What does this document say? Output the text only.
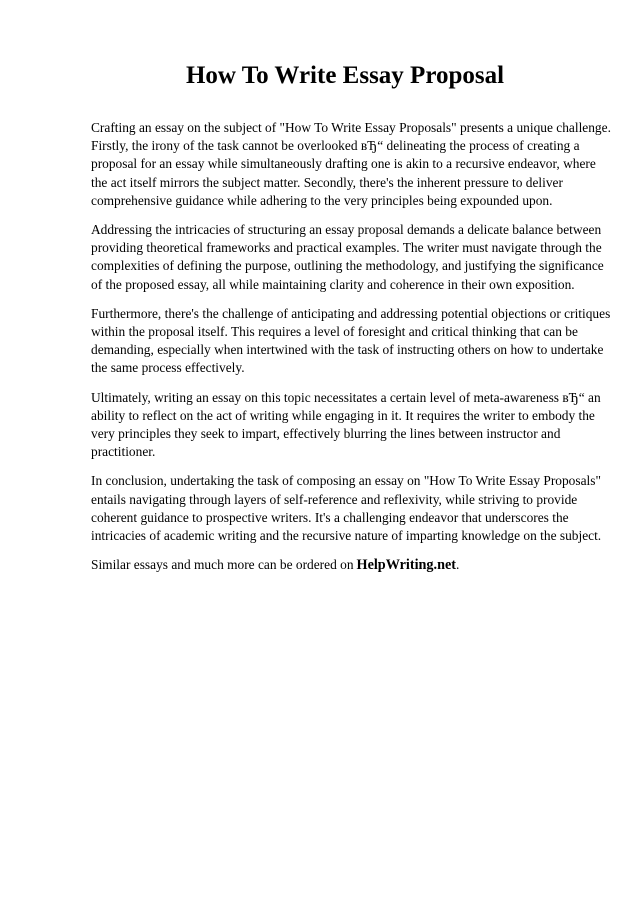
How To Write Essay Proposal

Crafting an essay on the subject of "How To Write Essay Proposals" presents a unique challenge.
Firstly, the irony of the task cannot be overlooked вЂ“ delineating the process of creating a
proposal for an essay while simultaneously drafting one is akin to a recursive endeavor, where
the act itself mirrors the subject matter. Secondly, there's the inherent pressure to deliver
comprehensive guidance while adhering to the very principles being expounded upon.

Addressing the intricacies of structuring an essay proposal demands a delicate balance between
providing theoretical frameworks and practical examples. The writer must navigate through the
complexities of defining the purpose, outlining the methodology, and justifying the significance
of the proposed essay, all while maintaining clarity and coherence in their own exposition.

Furthermore, there's the challenge of anticipating and addressing potential objections or critiques
within the proposal itself. This requires a level of foresight and critical thinking that can be
demanding, especially when intertwined with the task of instructing others on how to undertake
the same process effectively.

Ultimately, writing an essay on this topic necessitates a certain level of meta-awareness вЂ“ an
ability to reflect on the act of writing while engaging in it. It requires the writer to embody the
very principles they seek to impart, effectively blurring the lines between instructor and
practitioner.

In conclusion, undertaking the task of composing an essay on "How To Write Essay Proposals"
entails navigating through layers of self-reference and reflexivity, while striving to provide
coherent guidance to prospective writers. It's a challenging endeavor that underscores the
intricacies of academic writing and the recursive nature of imparting knowledge on the subject.

Similar essays and much more can be ordered on HelpWriting.net.
